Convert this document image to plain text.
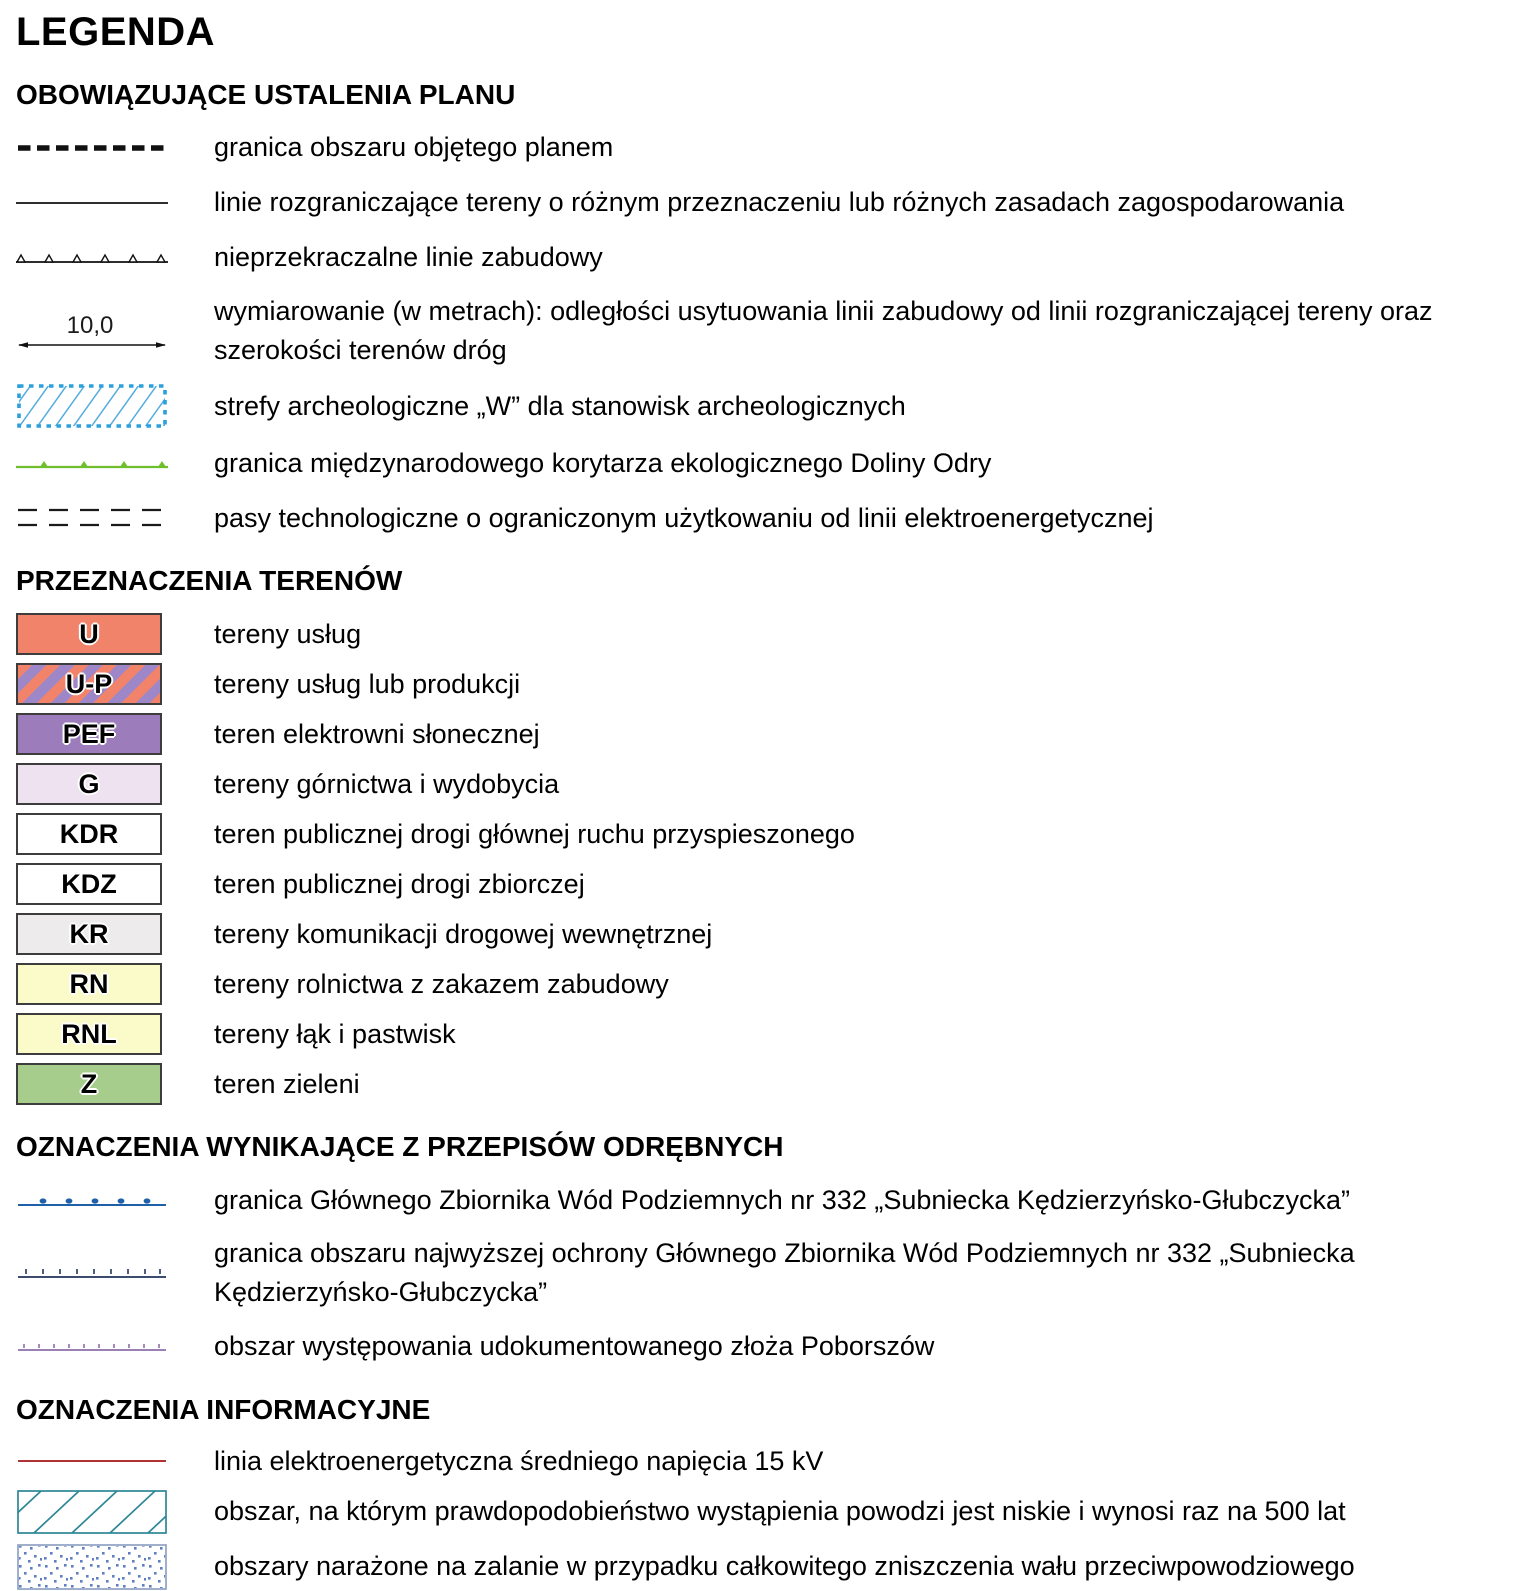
LEGENDA
OBOWIĄZUJĄCE USTALENIA PLANU
granica obszaru objętego planem
linie rozgraniczające tereny o różnym przeznaczeniu lub różnych zasadach zagospodarowania
nieprzekraczalne linie zabudowy
10,0	wymiarowanie (w metrach): odległości usytuowania linii zabudowy od linii rozgraniczającej tereny oraz szerokości terenów dróg
strefy archeologiczne „W” dla stanowisk archeologicznych
granica międzynarodowego korytarza ekologicznego Doliny Odry
pasy technologiczne o ograniczonym użytkowaniu od linii elektroenergetycznej
PRZEZNACZENIA TERENÓW
U	tereny usług
U-P	tereny usług lub produkcji
PEF	teren elektrowni słonecznej
G	tereny górnictwa i wydobycia
KDR	teren publicznej drogi głównej ruchu przyspieszonego
KDZ	teren publicznej drogi zbiorczej
KR	tereny komunikacji drogowej wewnętrznej
RN	tereny rolnictwa z zakazem zabudowy
RNL	tereny łąk i pastwisk
Z	teren zieleni
OZNACZENIA WYNIKAJĄCE Z PRZEPISÓW ODRĘBNYCH
granica Głównego Zbiornika Wód Podziemnych nr 332 „Subniecka Kędzierzyńsko-Głubczycka”
granica obszaru najwyższej ochrony Głównego Zbiornika Wód Podziemnych nr 332 „Subniecka Kędzierzyńsko-Głubczycka”
obszar występowania udokumentowanego złoża Poborszów
OZNACZENIA INFORMACYJNE
linia elektroenergetyczna średniego napięcia 15 kV
obszar, na którym prawdopodobieństwo wystąpienia powodzi jest niskie i wynosi raz na 500 lat
obszary narażone na zalanie w przypadku całkowitego zniszczenia wału przeciwpowodziowego
